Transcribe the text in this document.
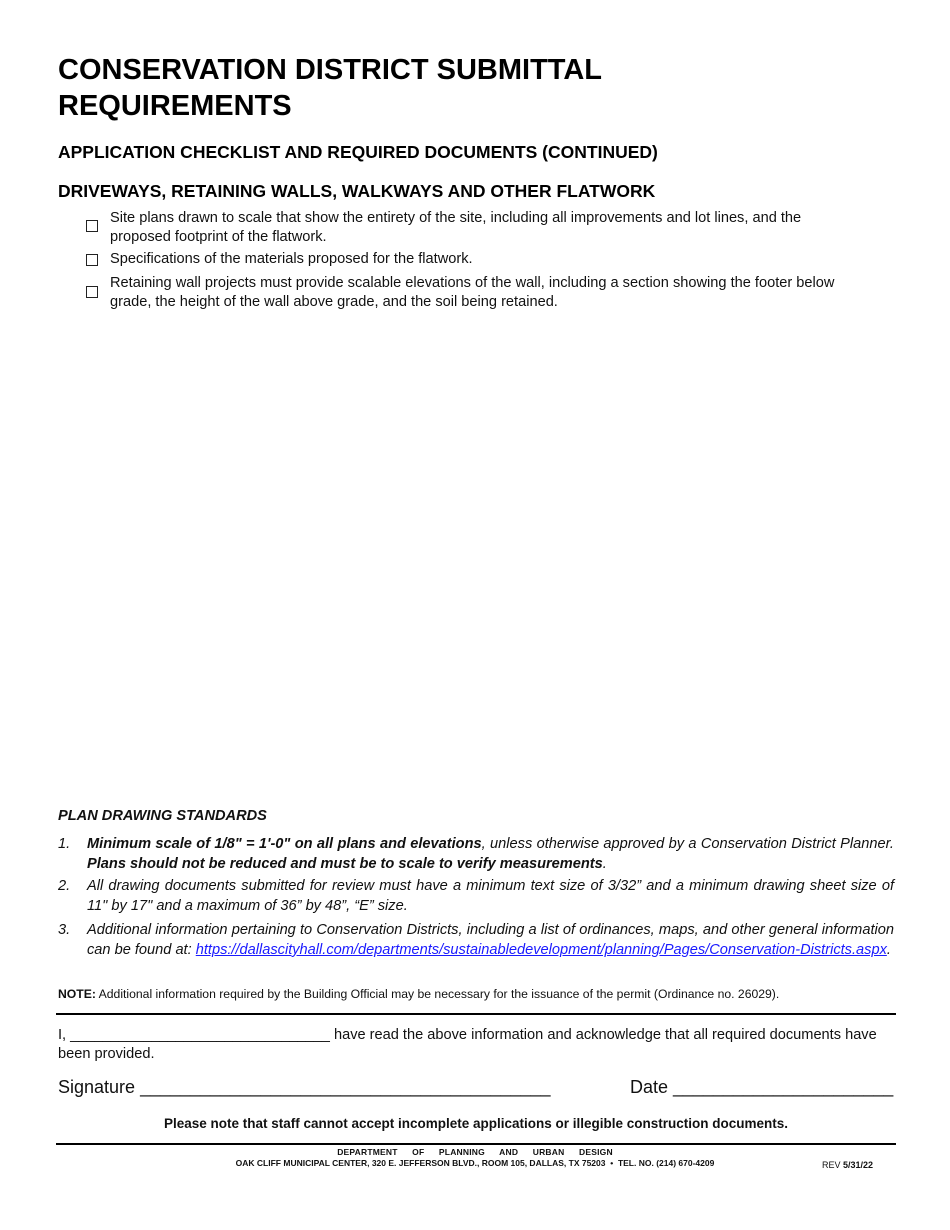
CONSERVATION DISTRICT SUBMITTAL REQUIREMENTS
APPLICATION CHECKLIST AND REQUIRED DOCUMENTS (CONTINUED)
DRIVEWAYS, RETAINING WALLS, WALKWAYS AND OTHER FLATWORK
Site plans drawn to scale that show the entirety of the site, including all improvements and lot lines, and the proposed footprint of the flatwork.
Specifications of the materials proposed for the flatwork.
Retaining wall projects must provide scalable elevations of the wall, including a section showing the footer below grade, the height of the wall above grade, and the soil being retained.
PLAN DRAWING STANDARDS
1.	Minimum scale of 1/8" = 1'-0" on all plans and elevations, unless otherwise approved by a Conservation District Planner. Plans should not be reduced and must be to scale to verify measurements.
2.	All drawing documents submitted for review must have a minimum text size of 3/32” and a minimum drawing sheet size of 11" by 17" and a maximum of 36” by 48”, “E” size.
3.	Additional information pertaining to Conservation Districts, including a list of ordinances, maps, and other general information can be found at: https://dallascityhall.com/departments/sustainabledevelopment/planning/Pages/Conservation-Districts.aspx.
NOTE: Additional information required by the Building Official may be necessary for the issuance of the permit (Ordinance no. 26029).
I, ________________________________ have read the above information and acknowledge that all required documents have been provided.
Signature _________________________________________	Date ______________________
Please note that staff cannot accept incomplete applications or illegible construction documents.
DEPARTMENT OF PLANNING AND URBAN DESIGN
OAK CLIFF MUNICIPAL CENTER, 320 E. JEFFERSON BLVD., ROOM 105, DALLAS, TX 75203 • TEL. NO. (214) 670-4209	REV 5/31/22
